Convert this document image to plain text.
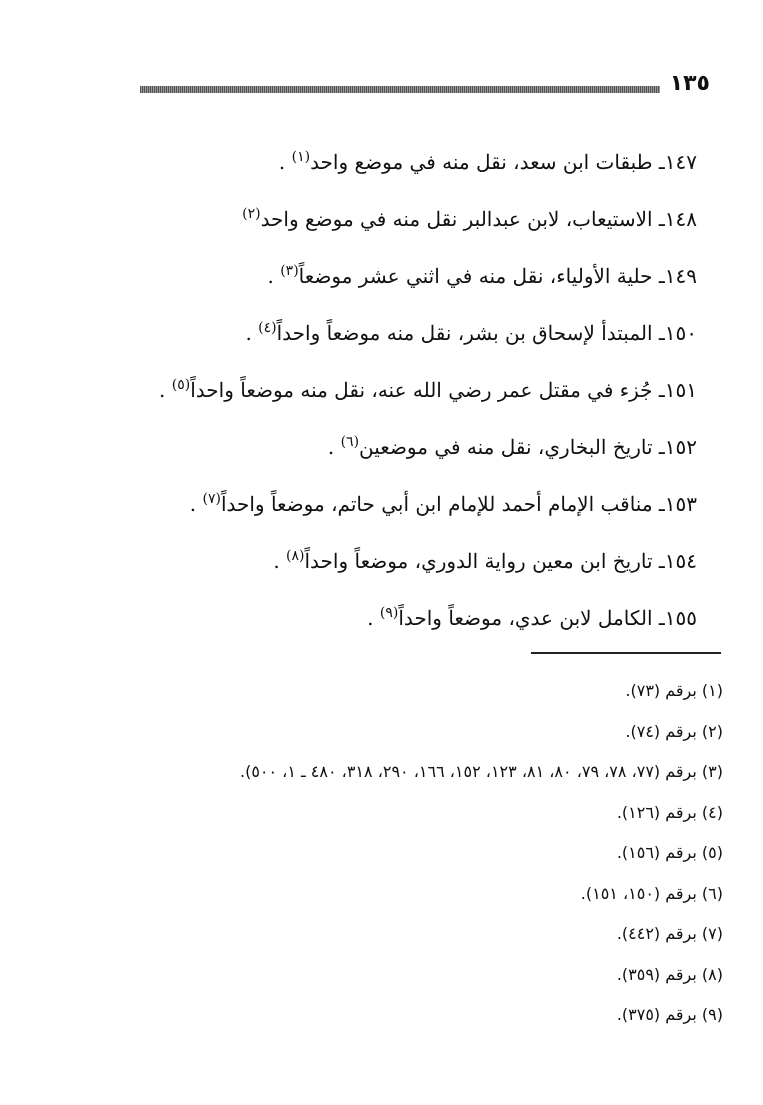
١٣٥
١٤٧ـ طبقات ابن سعد، نقل منه في موضع واحد$^{(١)}$ .
١٤٨ـ الاستيعاب، لابن عبدالبر نقل منه في موضع واحد$^{(٢)}$
١٤٩ـ حلية الأولياء، نقل منه في اثني عشر موضعاً$^{(٣)}$ .
١٥٠ـ المبتدأ لإسحاق بن بشر، نقل منه موضعاً واحداً$^{(٤)}$ .
١٥١ـ جُزء في مقتل عمر رضي الله عنه، نقل منه موضعاً واحداً$^{(٥)}$ .
١٥٢ـ تاريخ البخاري، نقل منه في موضعين$^{(٦)}$ .
١٥٣ـ مناقب الإمام أحمد للإمام ابن أبي حاتم، موضعاً واحداً$^{(٧)}$ .
١٥٤ـ تاريخ ابن معين رواية الدوري، موضعاً واحداً$^{(٨)}$ .
١٥٥ـ الكامل لابن عدي، موضعاً واحداً$^{(٩)}$ .
(١) برقم (٧٣).
(٢) برقم (٧٤).
(٣) برقم (٧٧، ٧٨، ٧٩، ٨٠، ٨١، ١٢٣، ١٥٢، ١٦٦، ٢٩٠، ٣١٨، ٤٨٠ ـ ١، ٥٠٠).
(٤) برقم (١٢٦).
(٥) برقم (١٥٦).
(٦) برقم (١٥٠، ١٥١).
(٧) برقم (٤٤٢).
(٨) برقم (٣٥٩).
(٩) برقم (٣٧٥).
